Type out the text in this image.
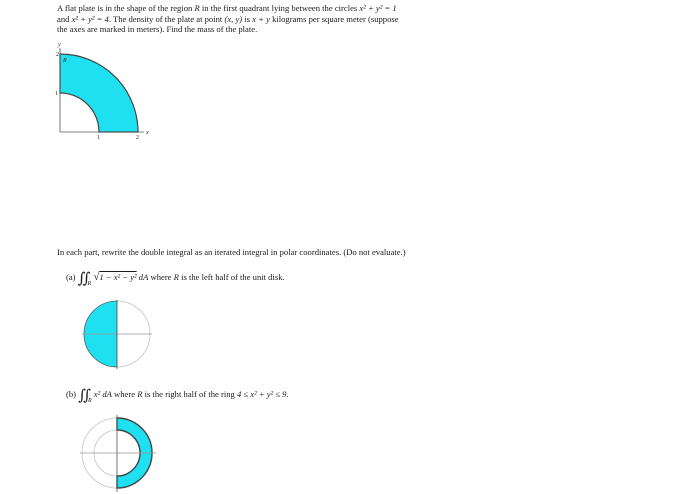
A flat plate is in the shape of the region R in the first quadrant lying between the circles x² + y² = 1
and x² + y² = 4. The density of the plate at point (x, y) is x + y kilograms per square meter (suppose
the axes are marked in meters). Find the mass of the plate.

y
x
2
1
1	2
R

In each part, rewrite the double integral as an iterated integral in polar coordinates. (Do not evaluate.)

(a) $∬_R$ √1 − x² − y² dA where R is the left half of the unit disk.

(b) $∬_R$ x² dA where R is the right half of the ring 4 ≤ x² + y² ≤ 9.
